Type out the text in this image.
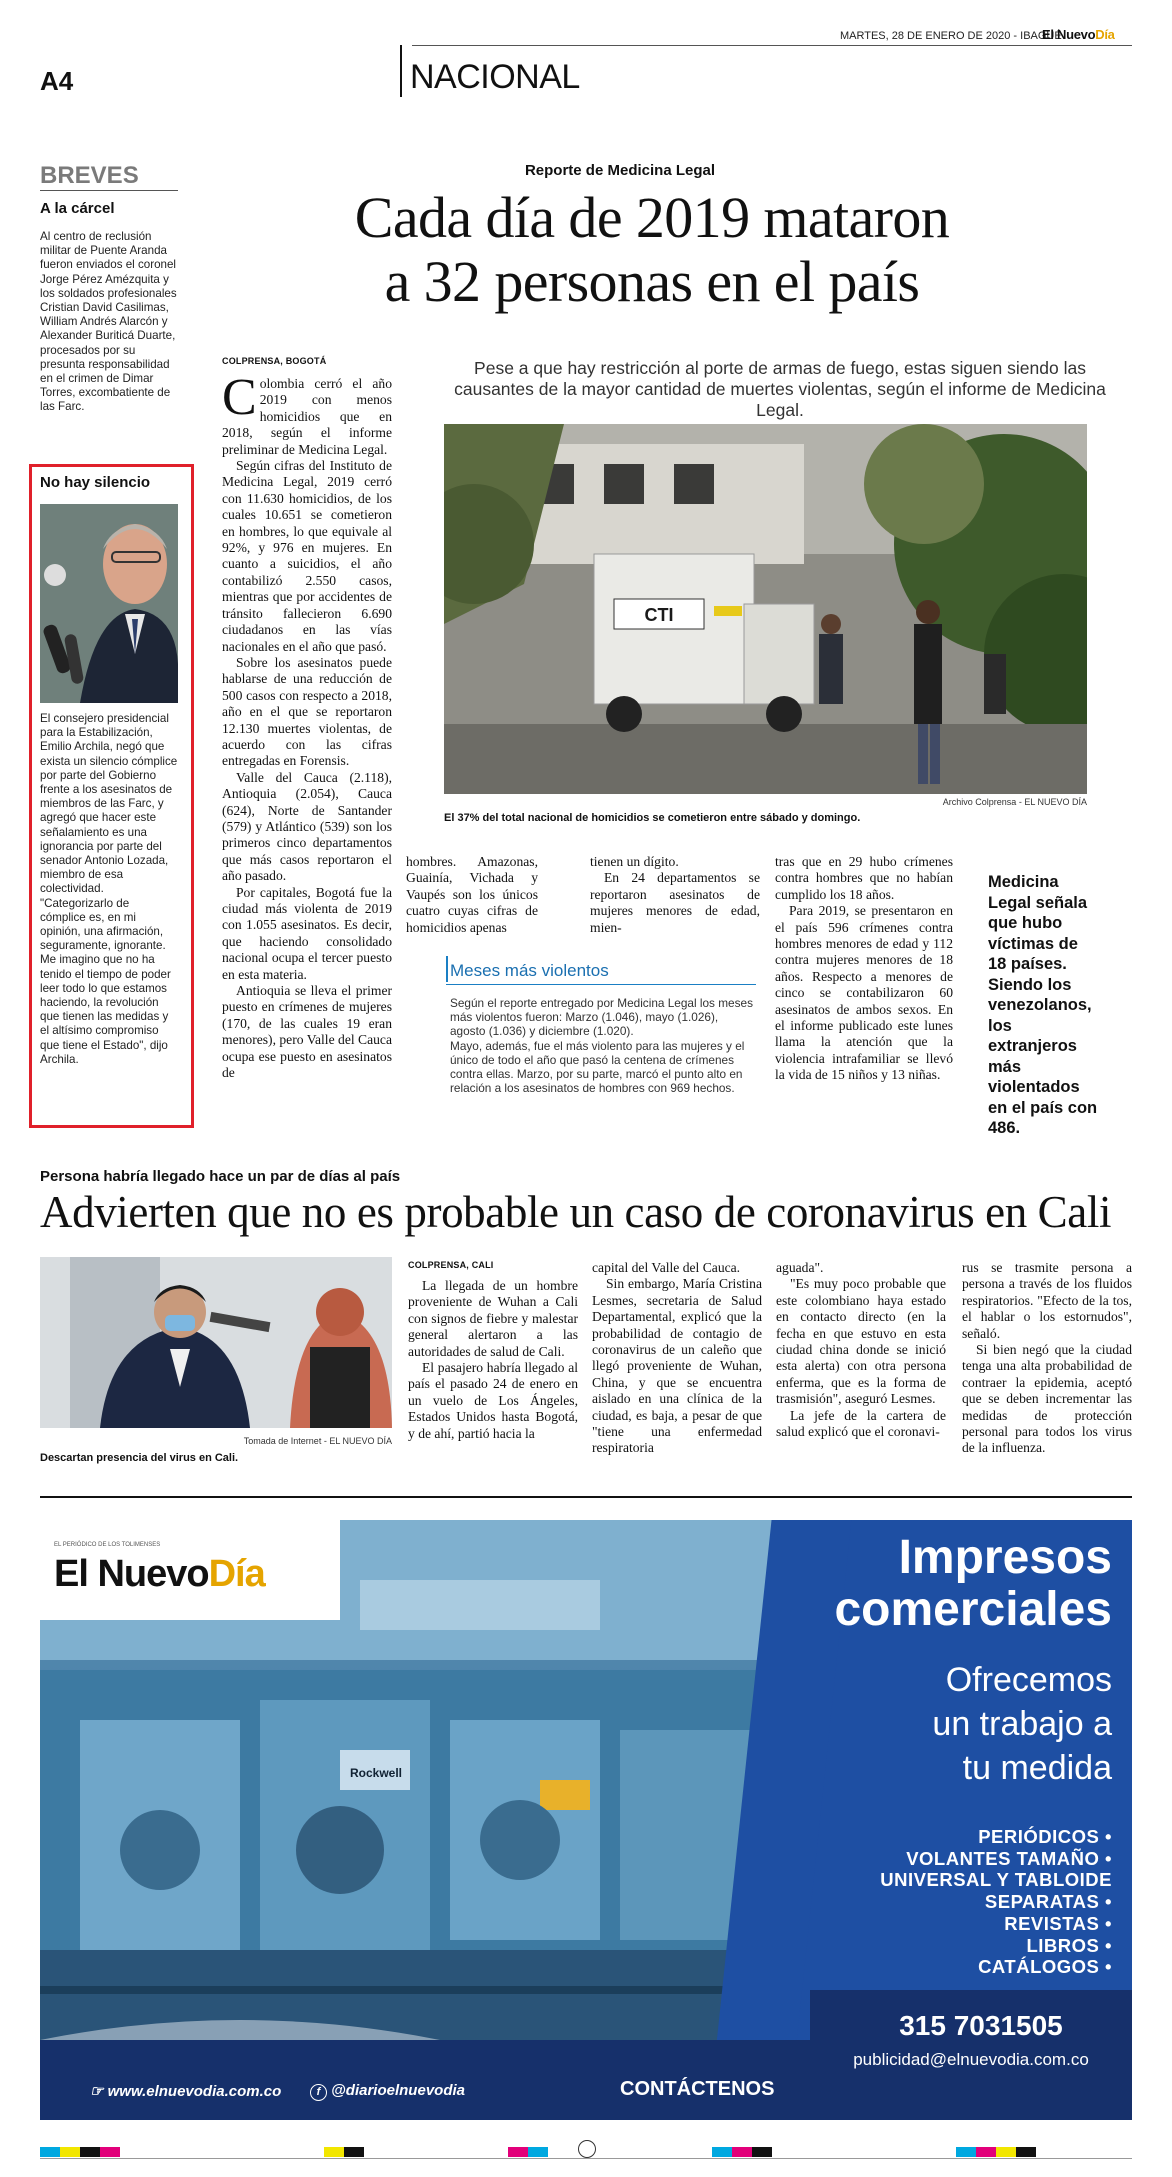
MARTES, 28 DE ENERO DE 2020 - IBAGUÉ
El NuevoDía
A4	NACIONAL
BREVES
A la cárcel
Al centro de reclusión militar de Puente Aranda fueron enviados el coronel Jorge Pérez Amézquita y los soldados profesionales Cristian David Casilimas, William Andrés Alarcón y Alexander Buriticá Duarte, procesados por su presunta responsabilidad en el crimen de Dimar Torres, excombatiente de las Farc.
No hay silencio
El consejero presidencial para la Estabilización, Emilio Archila, negó que exista un silencio cómplice por parte del Gobierno frente a los asesinatos de miembros de las Farc, y agregó que hacer este señalamiento es una ignorancia por parte del senador Antonio Lozada, miembro de esa colectividad. "Categorizarlo de cómplice es, en mi opinión, una afirmación, seguramente, ignorante. Me imagino que no ha tenido el tiempo de poder leer todo lo que estamos haciendo, la revolución que tienen las medidas y el altísimo compromiso que tiene el Estado", dijo Archila.
Reporte de Medicina Legal
Cada día de 2019 mataron
a 32 personas en el país
COLPRENSA, BOGOTÁ
C olombia cerró el año 2019 con menos homicidios que en 2018, según el informe preliminar de Medicina Legal.

Según cifras del Instituto de Medicina Legal, 2019 cerró con 11.630 homicidios, de los cuales 10.651 se cometieron en hombres, lo que equivale al 92%, y 976 en mujeres. En cuanto a suicidios, el año contabilizó 2.550 casos, mientras que por accidentes de tránsito fallecieron 6.690 ciudadanos en las vías nacionales en el año que pasó.

Sobre los asesinatos puede hablarse de una reducción de 500 casos con respecto a 2018, año en el que se reportaron 12.130 muertes violentas, de acuerdo con las cifras entregadas en Forensis.

Valle del Cauca (2.118), Antioquia (2.054), Cauca (624), Norte de Santander (579) y Atlántico (539) son los primeros cinco departamentos que más casos reportaron el año pasado.

Por capitales, Bogotá fue la ciudad más violenta de 2019 con 1.055 asesinatos. Es decir, que haciendo consolidado nacional ocupa el tercer puesto en esta materia.

Antioquia se lleva el primer puesto en crímenes de mujeres (170, de las cuales 19 eran menores), pero Valle del Cauca ocupa ese puesto en asesinatos de

Pese a que hay restricción al porte de armas de fuego, estas siguen siendo las causantes de la mayor cantidad de muertes violentas, según el informe de Medicina Legal.
CTI
Archivo Colprensa - EL NUEVO DÍA
El 37% del total nacional de homicidios se cometieron entre sábado y domingo.

hombres. Amazonas, Guainía, Vichada y Vaupés son los únicos cuatro cuyas cifras de homicidios apenas

tienen un dígito.

En 24 departamentos se reportaron asesinatos de mujeres menores de edad, mien-

tras que en 29 hubo crímenes contra hombres que no habían cumplido los 18 años.

Para 2019, se presentaron en el país 596 crímenes contra hombres menores de edad y 112 contra mujeres menores de 18 años. Respecto a menores de cinco se contabilizaron 60 asesinatos de ambos sexos. En el informe publicado este lunes llama la atención que la violencia intrafamiliar se llevó la vida de 15 niños y 13 niñas.

Meses más violentos
Según el reporte entregado por Medicina Legal los meses más violentos fueron: Marzo (1.046), mayo (1.026), agosto (1.036) y diciembre (1.020).
Mayo, además, fue el más violento para las mujeres y el único de todo el año que pasó la centena de crímenes contra ellas. Marzo, por su parte, marcó el punto alto en relación a los asesinatos de hombres con 969 hechos.
Medicina Legal señala que hubo víctimas de 18 países. Siendo los venezolanos, los extranjeros más violentados en el país con 486.
Persona habría llegado hace un par de días al país
Advierten que no es probable un caso de coronavirus en Cali
Tomada de Internet - EL NUEVO DÍA
Descartan presencia del virus en Cali.
COLPRENSA, CALI

La llegada de un hombre proveniente de Wuhan a Cali con signos de fiebre y malestar general alertaron a las autoridades de salud de Cali.

El pasajero habría llegado al país el pasado 24 de enero en un vuelo de Los Ángeles, Estados Unidos hasta Bogotá, y de ahí, partió hacia la

capital del Valle del Cauca.

Sin embargo, María Cristina Lesmes, secretaria de Salud Departamental, explicó que la probabilidad de contagio de coronavirus de un caleño que llegó proveniente de Wuhan, China, y que se encuentra aislado en una clínica de la ciudad, es baja, a pesar de que "tiene una enfermedad respiratoria

aguada".

"Es muy poco probable que este colombiano haya estado en contacto directo (en la fecha en que estuvo en esta ciudad china donde se inició esta alerta) con otra persona enferma, que es la forma de trasmisión", aseguró Lesmes.

La jefe de la cartera de salud explicó que el coronavi-

rus se trasmite persona a persona a través de los fluidos respiratorios. "Efecto de la tos, el hablar o los estornudos", señaló.

Si bien negó que la ciudad tenga una alta probabilidad de contraer la epidemia, aceptó que se deben incrementar las medidas de protección personal para todos los virus de la influenza.

Rockwell
EL PERIÓDICO DE LOS TOLIMENSES
El NuevoDía	Impresos
comerciales
Ofrecemos
un trabajo a
tu medida
PERIÓDICOS •
VOLANTES TAMAÑO •
UNIVERSAL Y TABLOIDE
SEPARATAS •
REVISTAS •
LIBROS •
CATÁLOGOS •
315 7031505
publicidad@elnuevodia.com.co
CONTÁCTENOS
☞ www.elnuevodia.com.co	f @diarioelnuevodia
